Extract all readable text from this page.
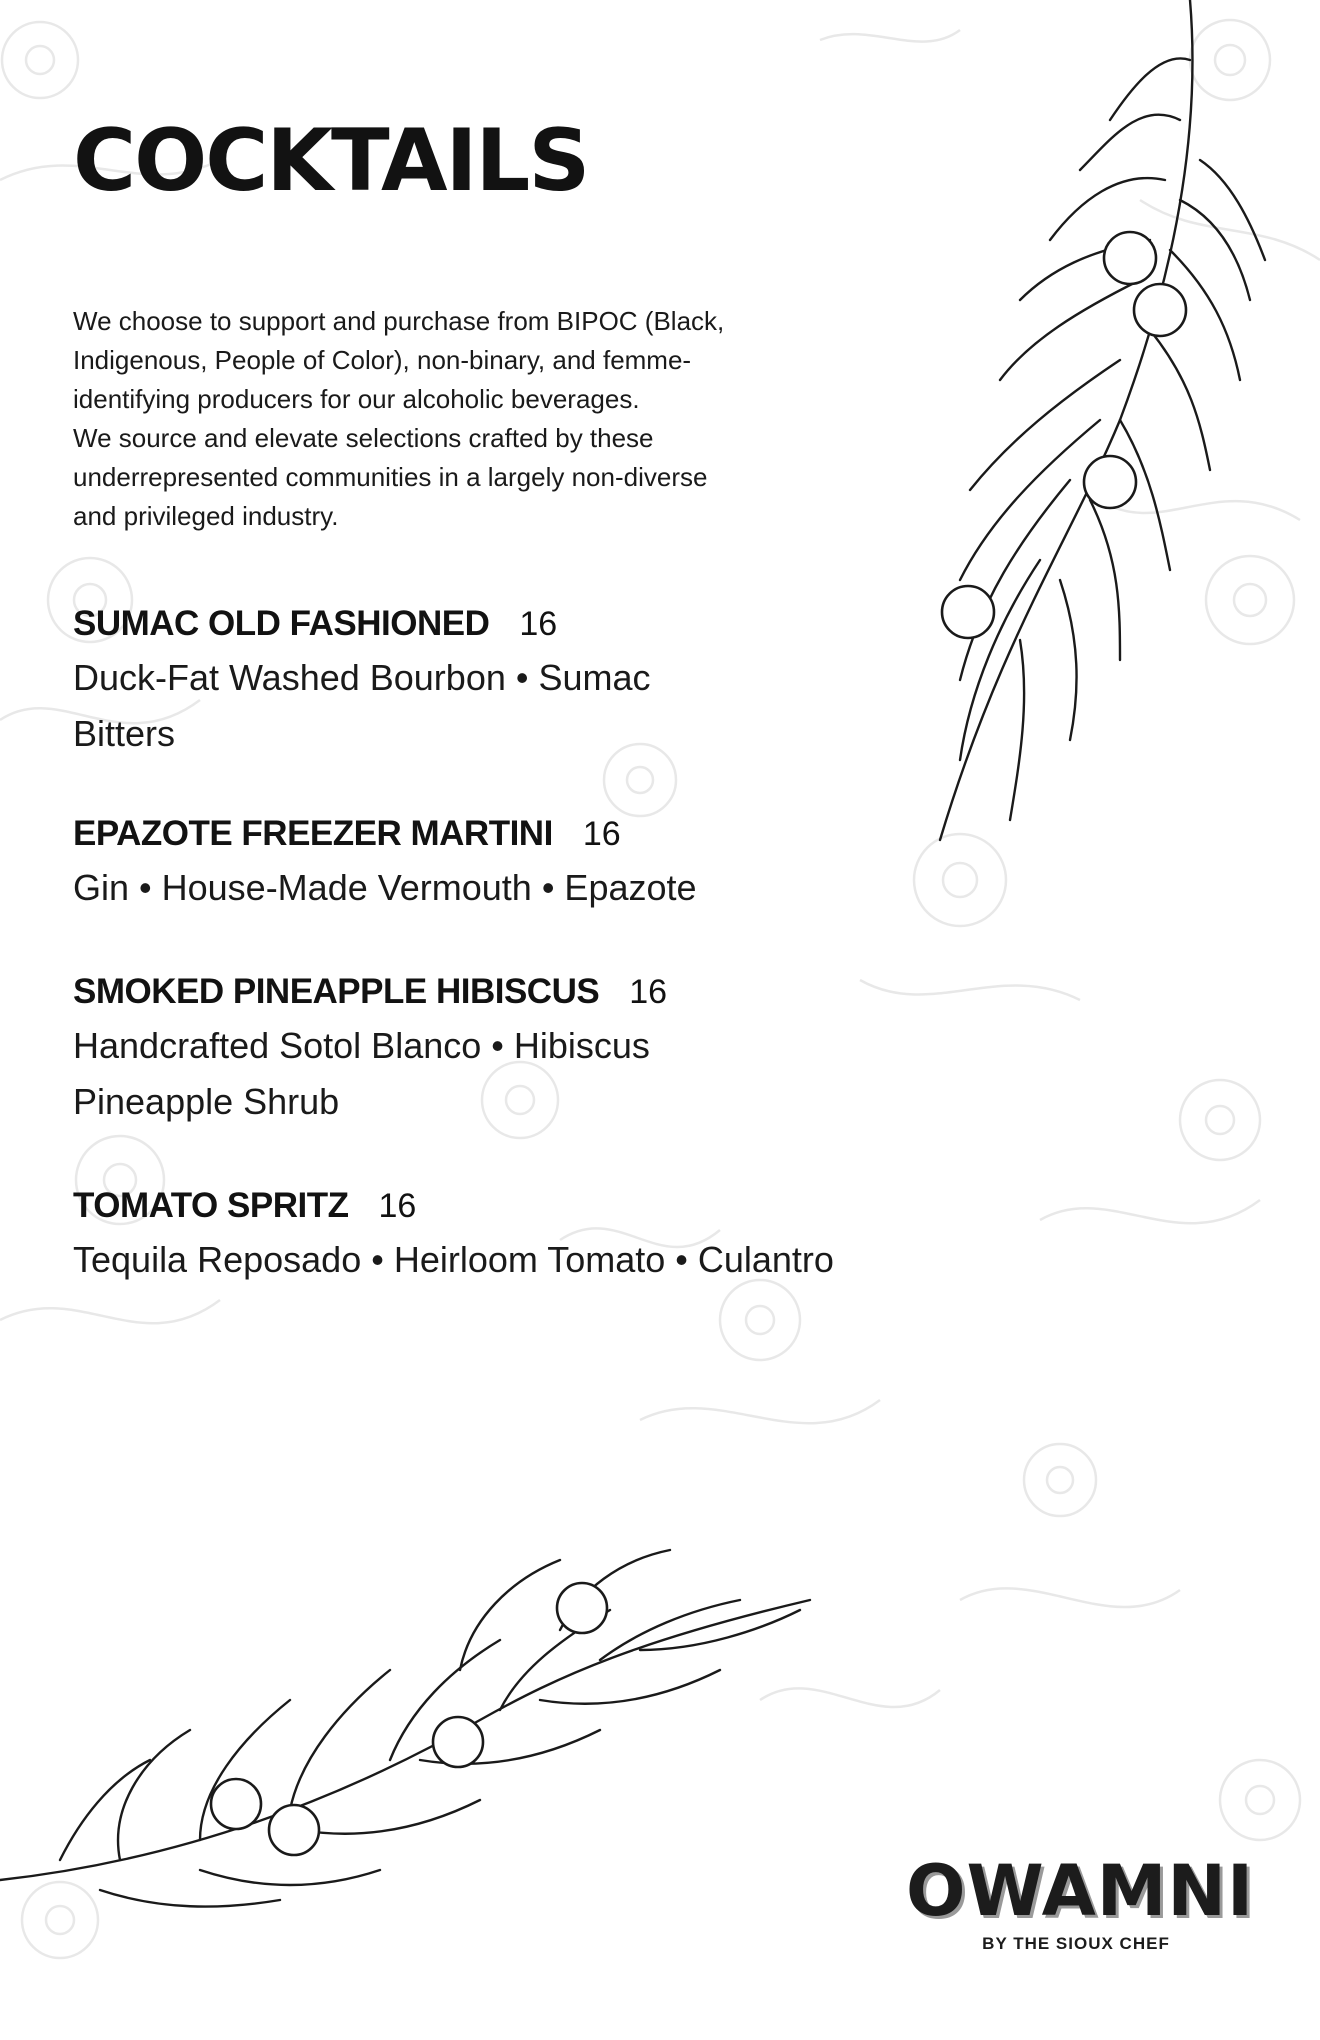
COCKTAILS

We choose to support and purchase from BIPOC (Black,

Indigenous, People of Color), non-binary, and femme-

identifying producers for our alcoholic beverages.

We source and elevate selections crafted by these

underrepresented communities in a largely non-diverse

and privileged industry.

SUMAC OLD FASHIONED 16
Duck-Fat Washed Bourbon • Sumac
Bitters
EPAZOTE FREEZER MARTINI 16
Gin • House-Made Vermouth • Epazote
SMOKED PINEAPPLE HIBISCUS 16
Handcrafted Sotol Blanco • Hibiscus
Pineapple Shrub
TOMATO SPRITZ 16
Tequila Reposado • Heirloom Tomato • Culantro
OWAMNI
BY THE SIOUX CHEF
